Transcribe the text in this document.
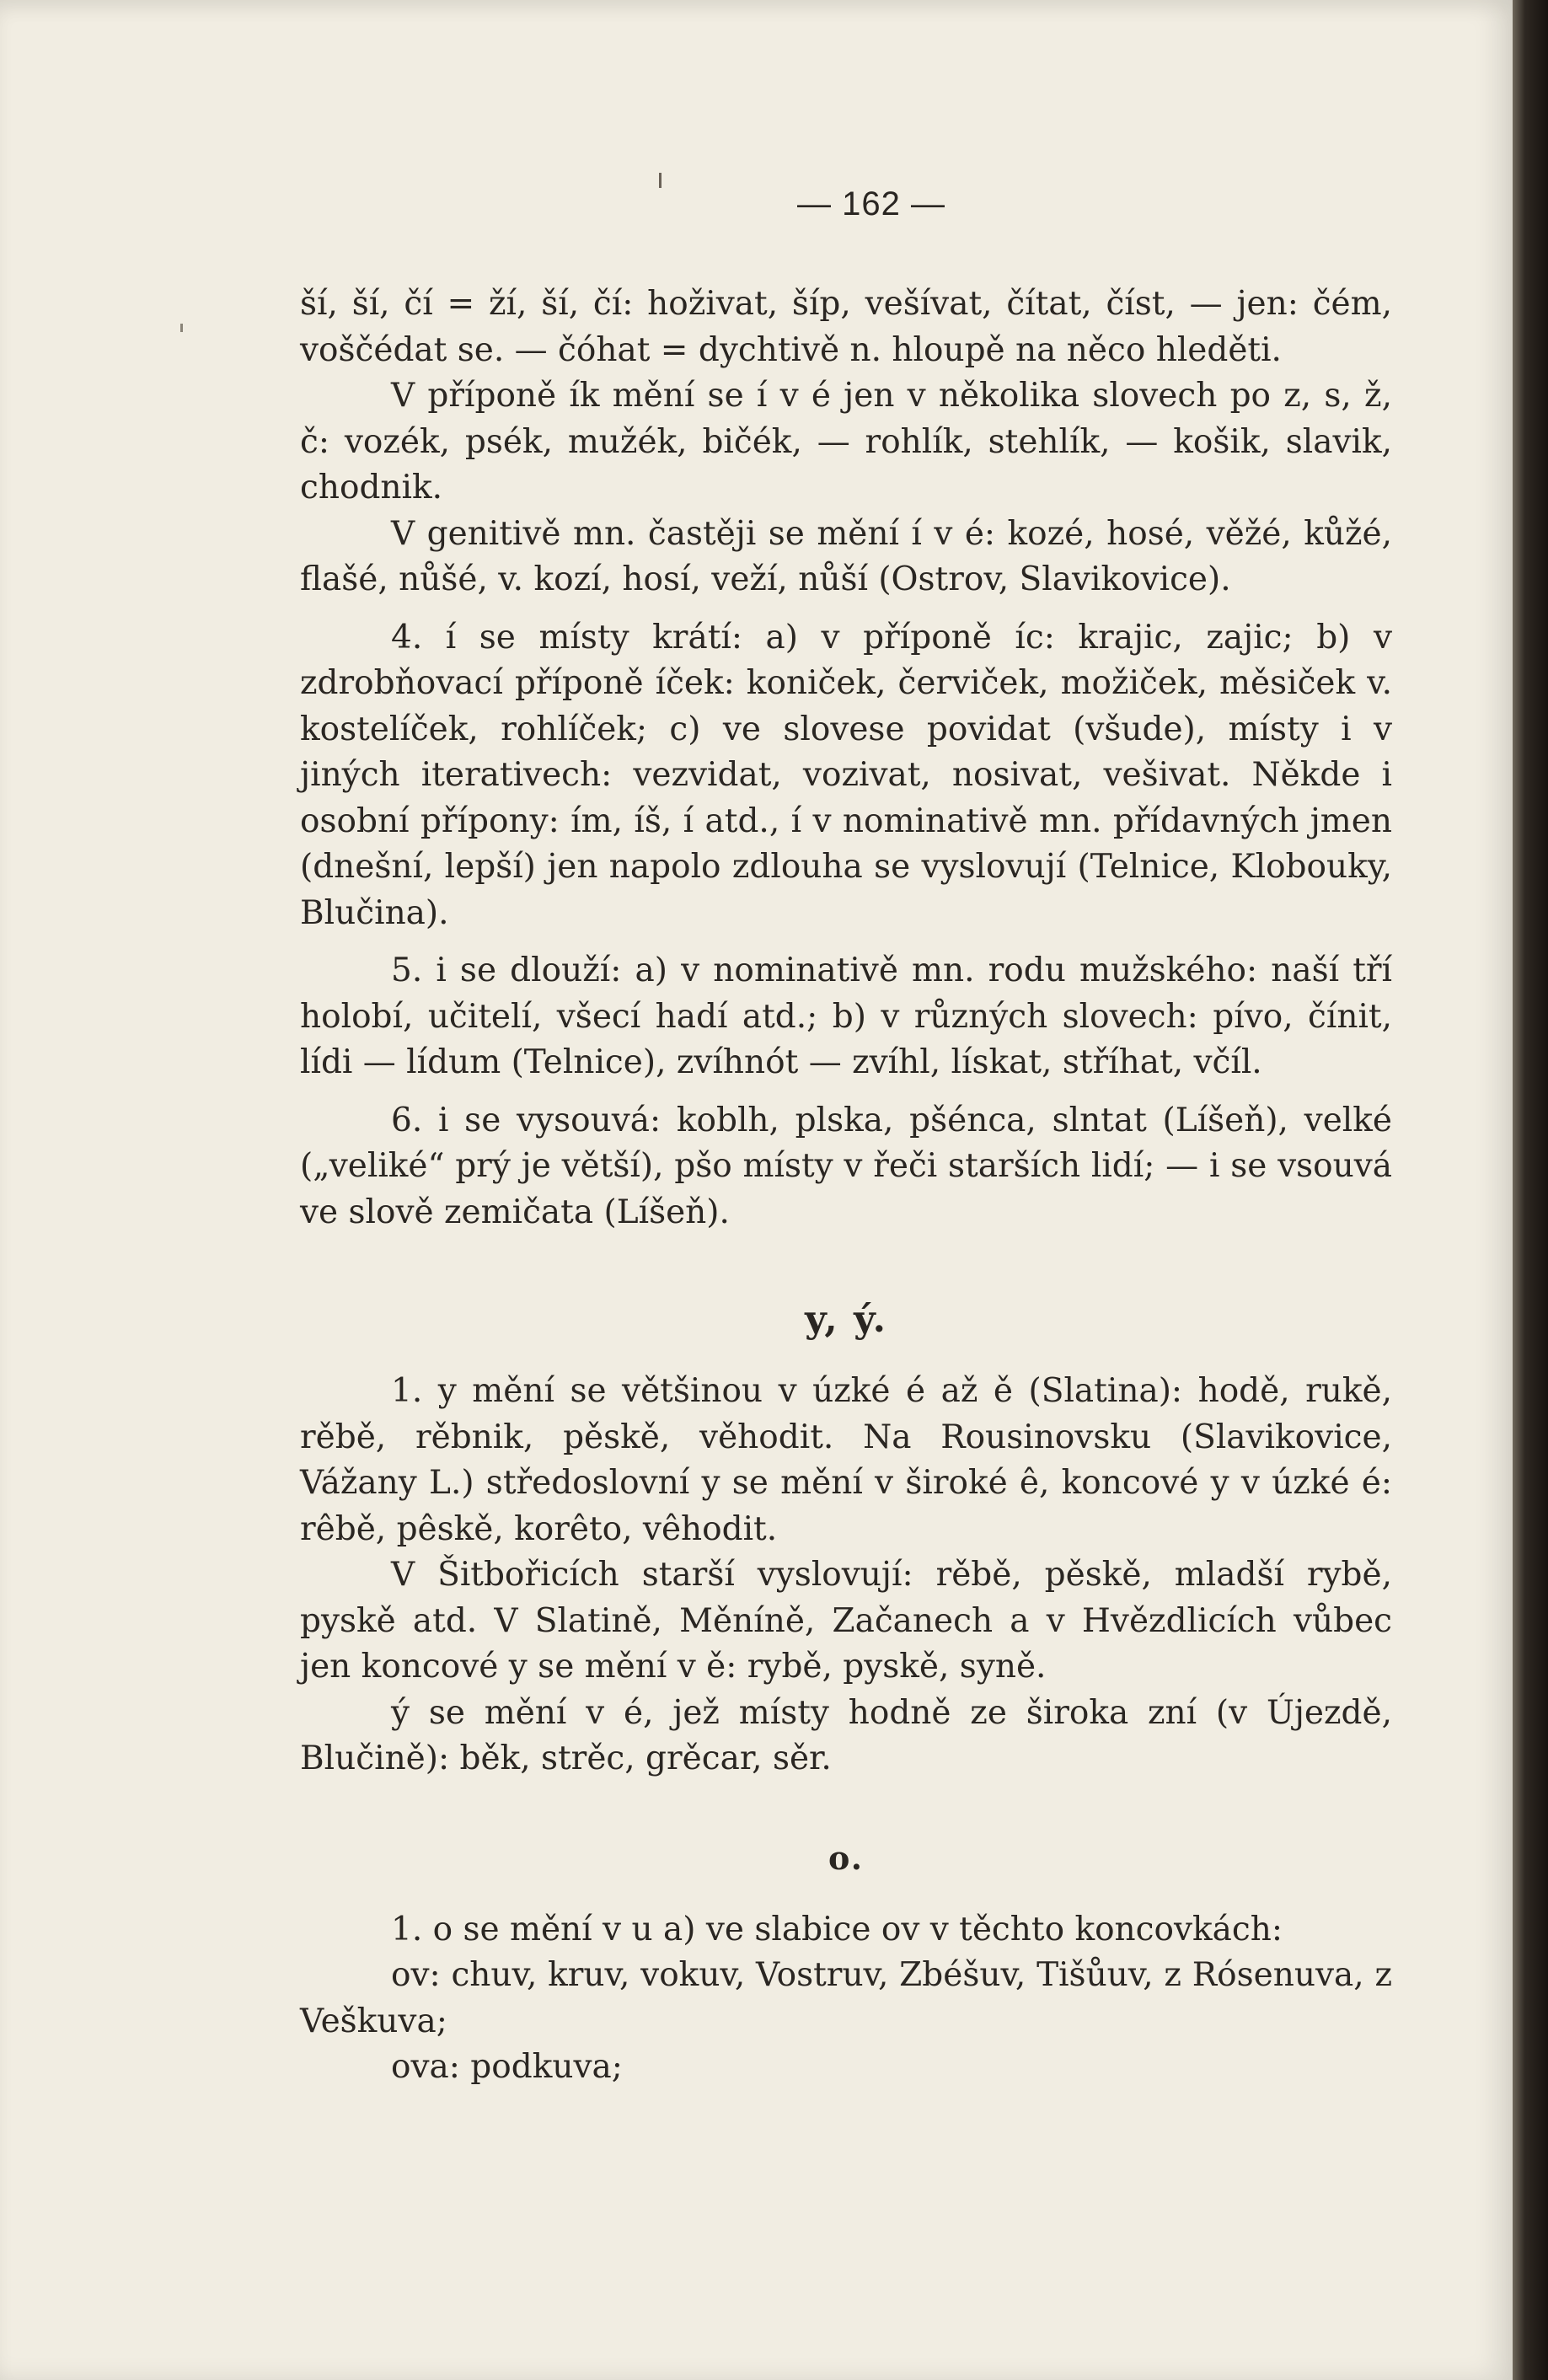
— 162 —

ší, ší, čí = ží, ší, čí: hoživat, šíp, vešívat, čítat, číst, — jen: čém, voščédat se. — čóhat = dychtivě n. hloupě na něco hleděti.

V příponě ík mění se í v é jen v několika slovech po z, s, ž, č: vozék, psék, mužék, bičék, — rohlík, stehlík, — košik, slavik, chodnik.

V genitivě mn. častěji se mění í v é: kozé, hosé, věžé, kůžé, flašé, nůšé, v. kozí, hosí, veží, nůší (Ostrov, Slavikovice).

4. í se místy krátí: a) v příponě íc: krajic, zajic; b) v zdrobňovací příponě íček: koniček, červiček, možiček, měsiček v. kostelíček, rohlíček; c) ve slovese povidat (všude), místy i v jiných iterativech: vezvidat, vozivat, nosivat, vešivat. Někde i osobní přípony: ím, íš, í atd., í v nominativě mn. přídavných jmen (dnešní, lepší) jen napolo zdlouha se vyslovují (Telnice, Klobouky, Blučina).

5. i se dlouží: a) v nominativě mn. rodu mužského: naší tří holobí, učitelí, všecí hadí atd.; b) v různých slovech: pívo, čínit, lídi — lídum (Telnice), zvíhnót — zvíhl, lískat, stříhat, včíl.

6. i se vysouvá: koblh, plska, pšénca, slntat (Líšeň), velké („veliké“ prý je větší), pšo místy v řeči starších lidí; — i se vsouvá ve slově zemičata (Líšeň).

y, ý.

1. y mění se většinou v úzké é až ě (Slatina): hodě, rukě, rěbě, rěbnik, pěskě, věhodit. Na Rousinovsku (Slavikovice, Vážany L.) středoslovní y se mění v široké ê, koncové y v úzké é: rêbě, pêskě, korêto, vêhodit.

V Šitbořicích starší vyslovují: rěbě, pěskě, mladší rybě, pyskě atd. V Slatině, Měníně, Začanech a v Hvězdlicích vůbec jen koncové y se mění v ě: rybě, pyskě, syně.

ý se mění v é, jež místy hodně ze široka zní (v Újezdě, Blučině): běk, strěc, grěcar, sěr.

o.

1. o se mění v u a) ve slabice ov v těchto koncovkách:

ov: chuv, kruv, vokuv, Vostruv, Zbéšuv, Tišůuv, z Rósenuva, z Veškuva;

ova: podkuva;
